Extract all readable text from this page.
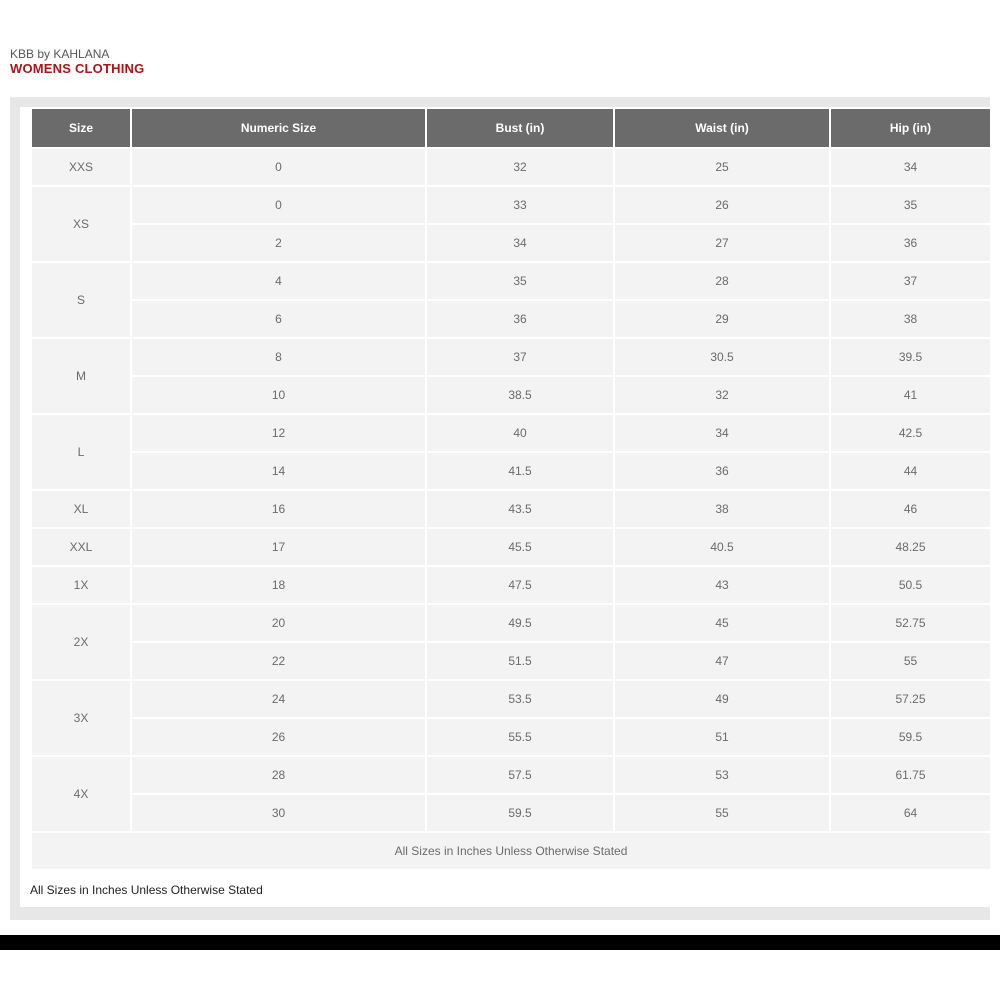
KBB by KAHLANA
WOMENS CLOTHING
Size	Numeric Size	Bust (in)	Waist (in)	Hip (in)
XXS	0	32	25	34
XS	0	33	26	35
	2	34	27	36
S	4	35	28	37
	6	36	29	38
M	8	37	30.5	39.5
	10	38.5	32	41
L	12	40	34	42.5
	14	41.5	36	44
XL	16	43.5	38	46
XXL	17	45.5	40.5	48.25
1X	18	47.5	43	50.5
2X	20	49.5	45	52.75
	22	51.5	47	55
3X	24	53.5	49	57.25
	26	55.5	51	59.5
4X	28	57.5	53	61.75
	30	59.5	55	64
All Sizes in Inches Unless Otherwise Stated				
All Sizes in Inches Unless Otherwise Stated
